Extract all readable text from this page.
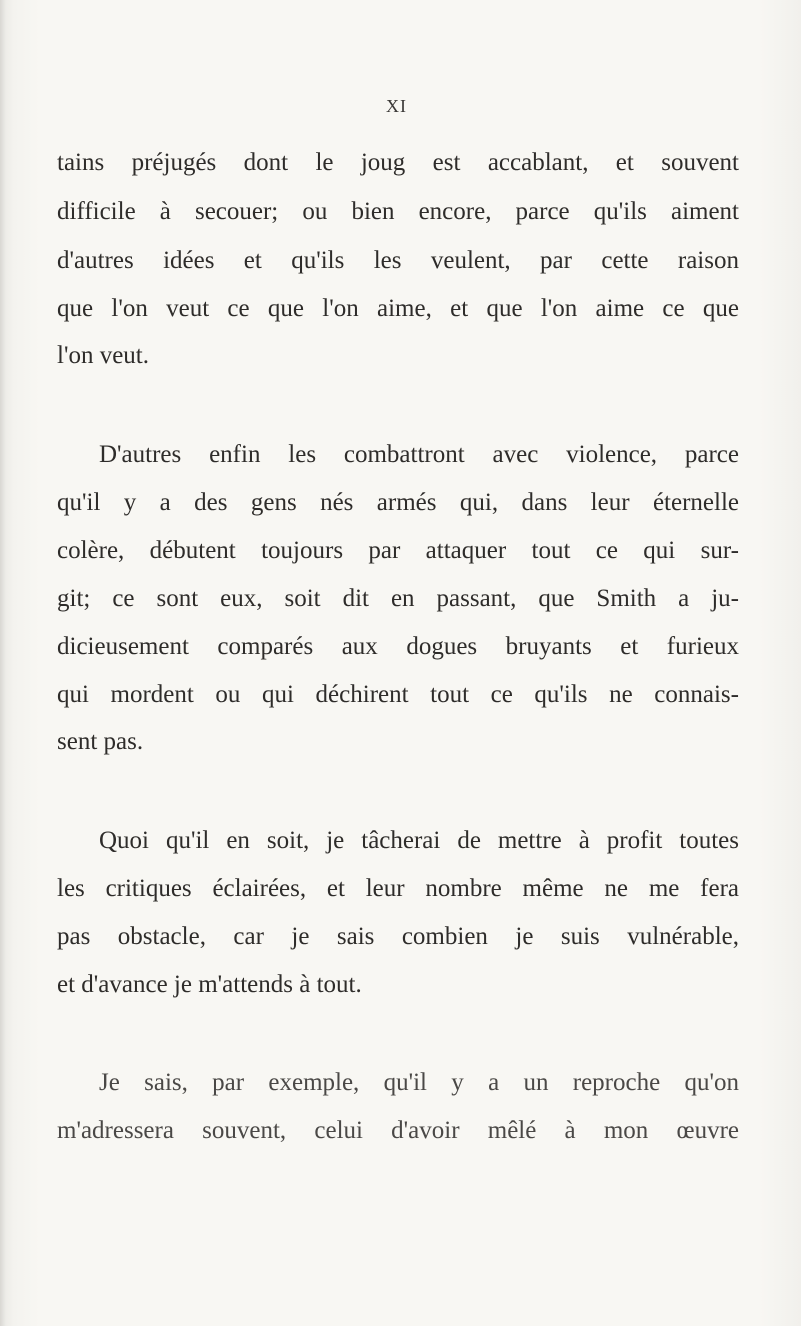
XI
tains préjugés dont le joug est accablant, et souvent
difficile à secouer; ou bien encore, parce qu'ils aiment
d'autres idées et qu'ils les veulent, par cette raison
que l'on veut ce que l'on aime, et que l'on aime ce que
l'on veut.
D'autres enfin les combattront avec violence, parce
qu'il y a des gens nés armés qui, dans leur éternelle
colère, débutent toujours par attaquer tout ce qui sur-
git; ce sont eux, soit dit en passant, que Smith a ju-
dicieusement comparés aux dogues bruyants et furieux
qui mordent ou qui déchirent tout ce qu'ils ne connais-
sent pas.
Quoi qu'il en soit, je tâcherai de mettre à profit toutes
les critiques éclairées, et leur nombre même ne me fera
pas obstacle, car je sais combien je suis vulnérable,
et d'avance je m'attends à tout.
Je sais, par exemple, qu'il y a un reproche qu'on
m'adressera souvent, celui d'avoir mêlé à mon œuvre
